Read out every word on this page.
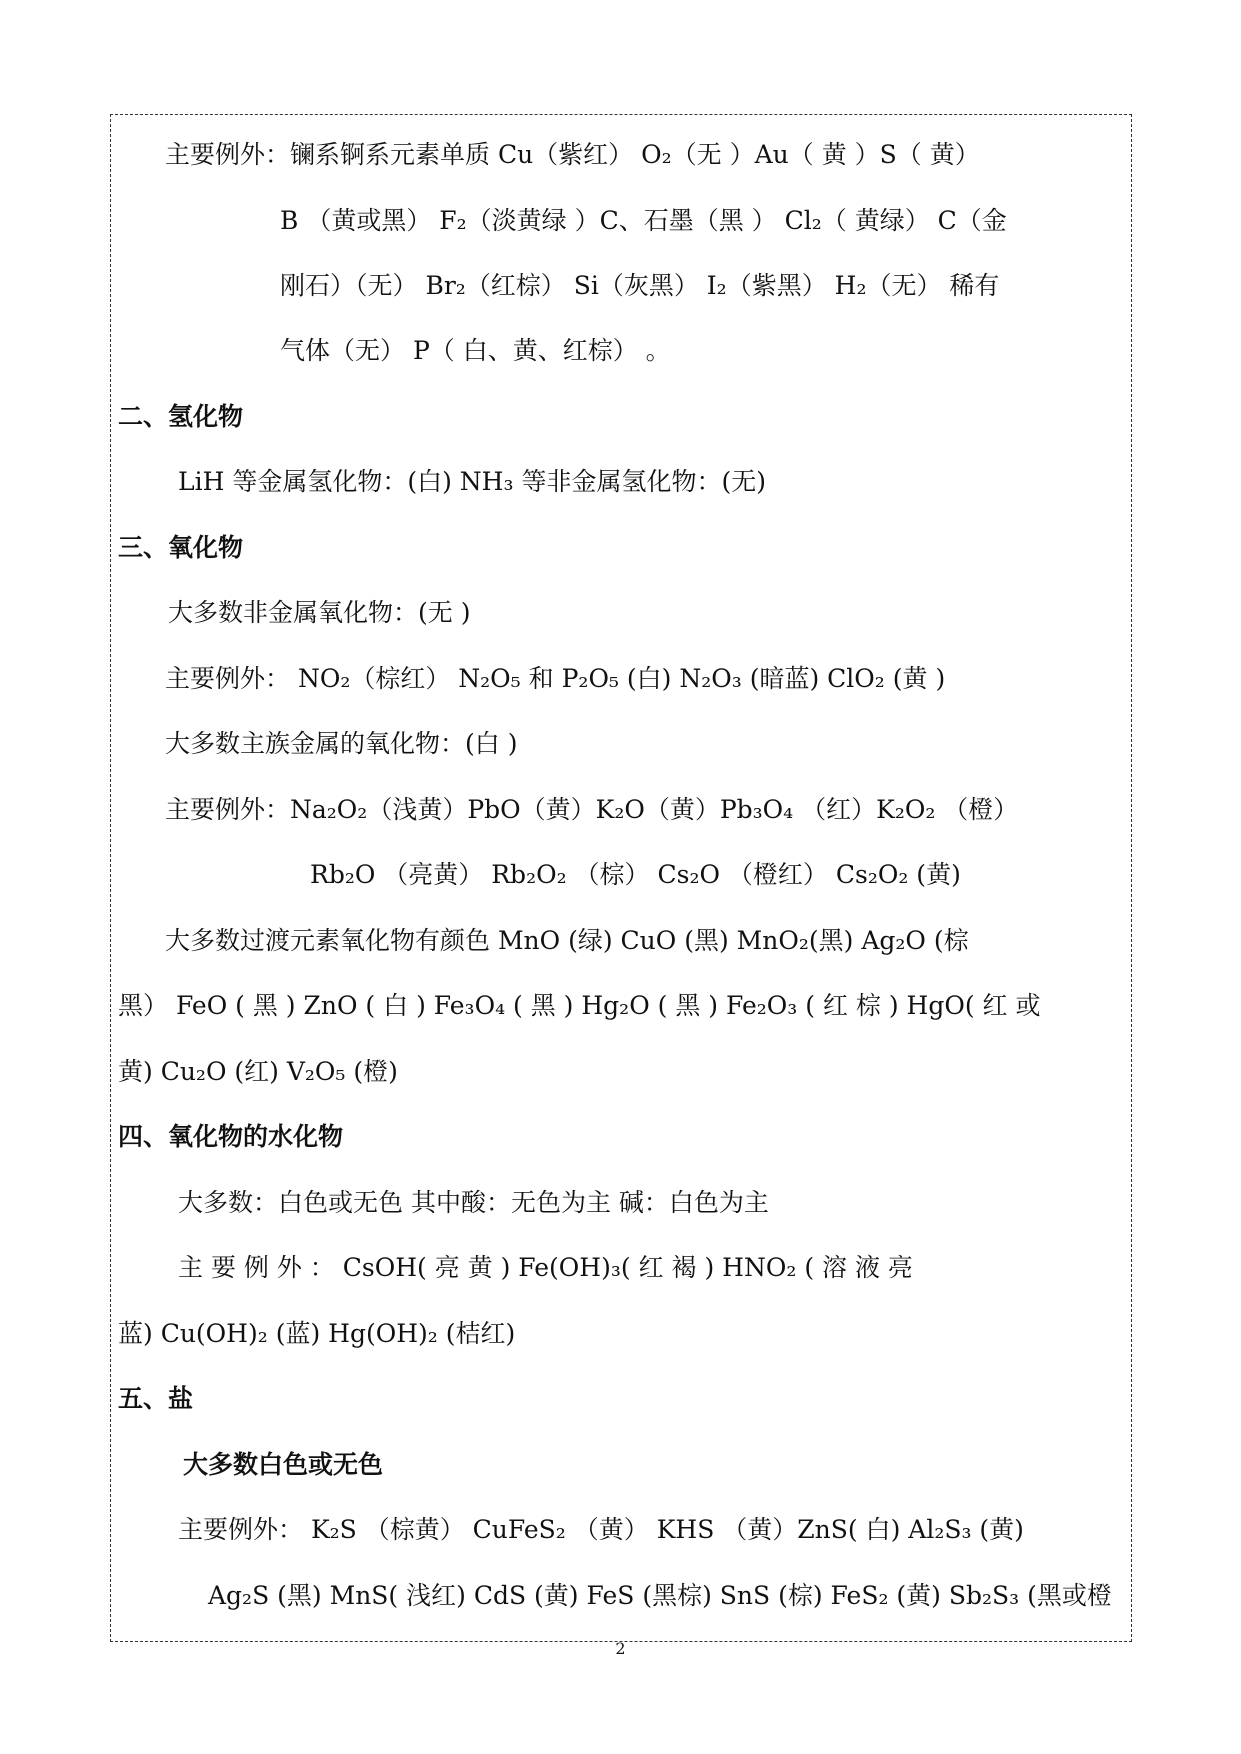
主要例外：镧系锕系元素单质 Cu（紫红） O₂（无 ）Au（ 黄 ）S（ 黄）
B （黄或黑） F₂（淡黄绿 ）C、石墨（黑 ） Cl₂（ 黄绿） C（金
刚石）（无） Br₂（红棕） Si（灰黑） I₂（紫黑） H₂（无） 稀有
气体（无） P（ 白、黄、红棕） 。
二、氢化物
LiH 等金属氢化物：(白) NH₃ 等非金属氢化物：(无)
三、氧化物
大多数非金属氧化物：(无 )
主要例外： NO₂（棕红） N₂O₅ 和 P₂O₅ (白) N₂O₃ (暗蓝) ClO₂ (黄 )
大多数主族金属的氧化物：(白 )
主要例外：Na₂O₂（浅黄）PbO（黄）K₂O（黄）Pb₃O₄ （红）K₂O₂ （橙）
Rb₂O （亮黄） Rb₂O₂ （棕） Cs₂O （橙红） Cs₂O₂ (黄)
大多数过渡元素氧化物有颜色 MnO (绿) CuO (黑) MnO₂(黑) Ag₂O (棕
黑） FeO ( 黑 ) ZnO ( 白 ) Fe₃O₄ ( 黑 ) Hg₂O ( 黑 ) Fe₂O₃ ( 红 棕 ) HgO( 红 或
黄) Cu₂O (红) V₂O₅ (橙)
四、氧化物的水化物
大多数：白色或无色 其中酸：无色为主 碱：白色为主
主 要 例 外 ： CsOH( 亮 黄 ) Fe(OH)₃( 红 褐 ) HNO₂ ( 溶 液 亮
蓝) Cu(OH)₂ (蓝) Hg(OH)₂ (桔红)
五、盐
大多数白色或无色
主要例外： K₂S （棕黄） CuFeS₂ （黄） KHS （黄）ZnS( 白) Al₂S₃ (黄)
Ag₂S (黑) MnS( 浅红) CdS (黄) FeS (黑棕) SnS (棕) FeS₂ (黄) Sb₂S₃ (黑或橙
2
